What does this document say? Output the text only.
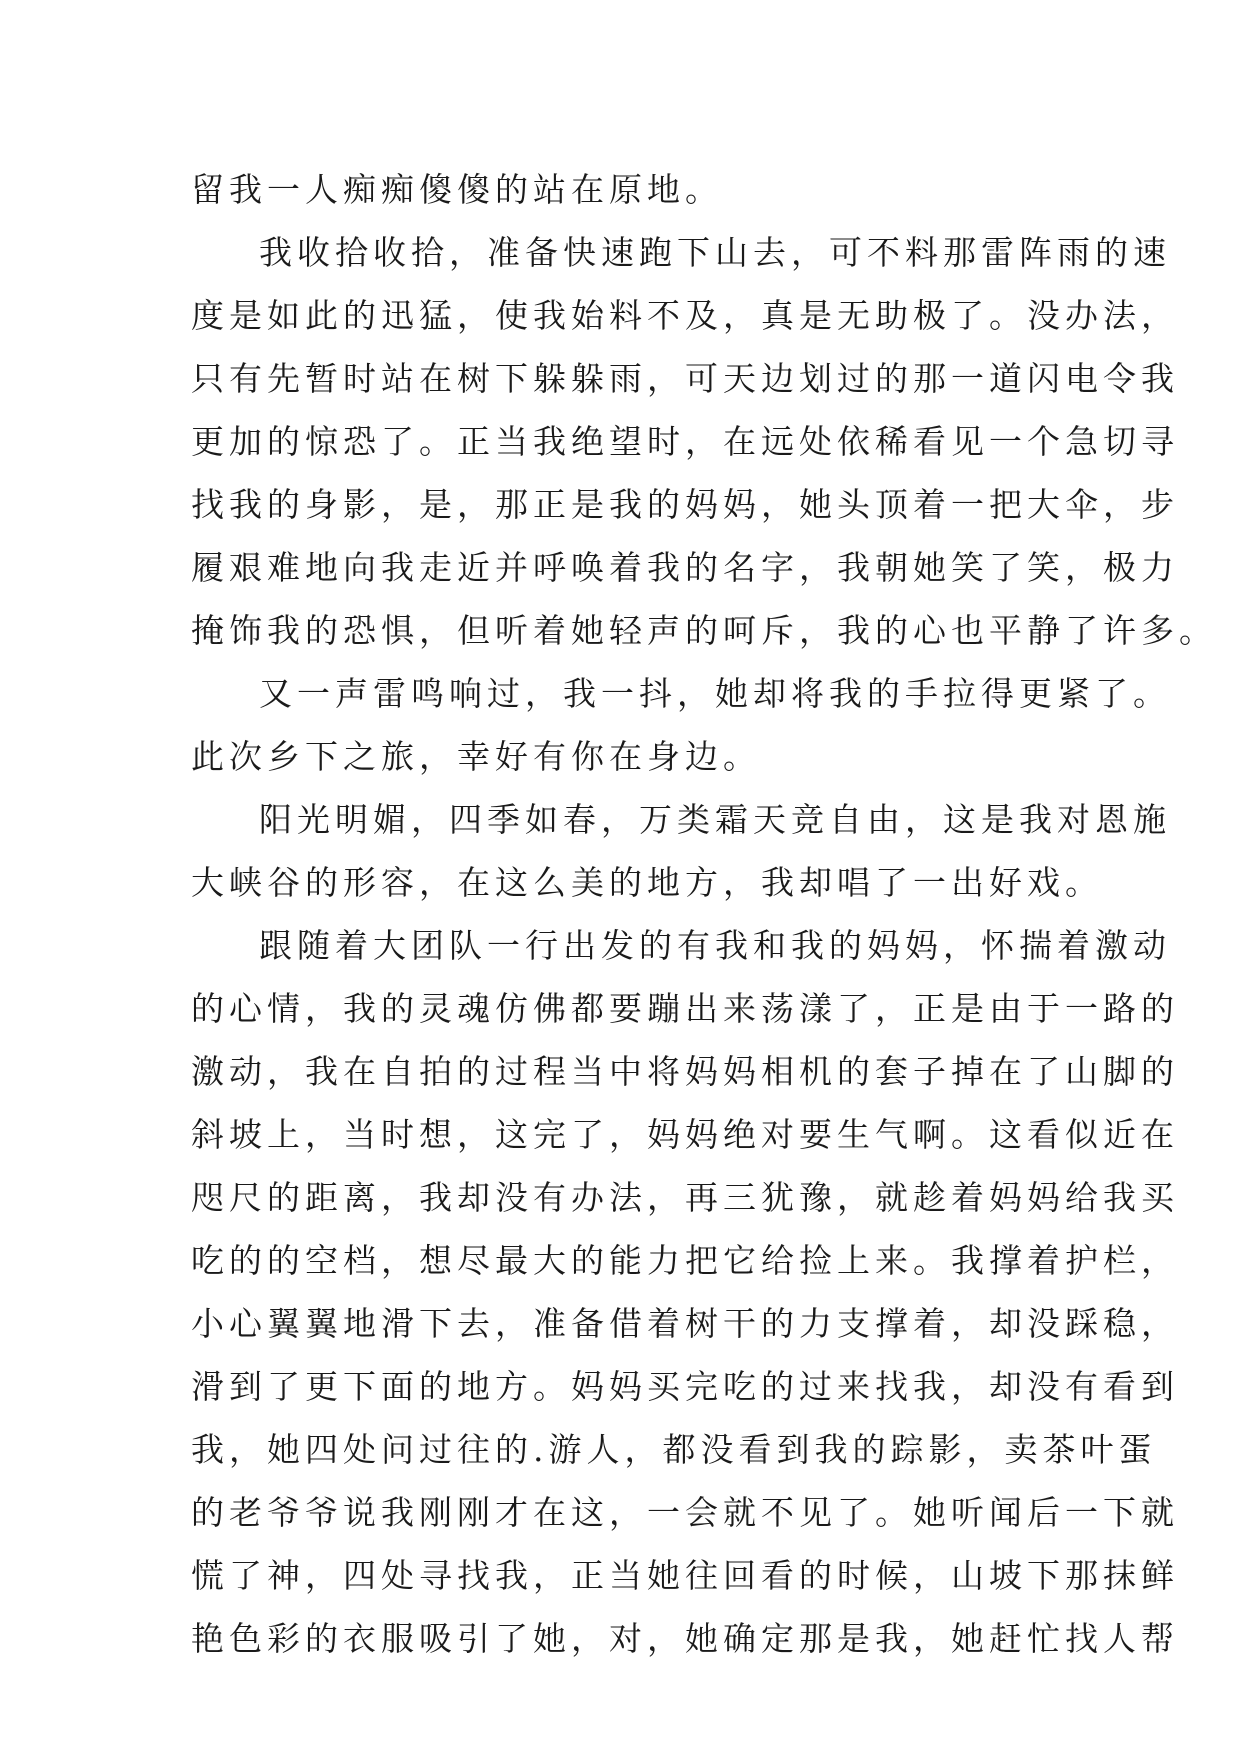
留我一人痴痴傻傻的站在原地。
我收拾收拾，准备快速跑下山去，可不料那雷阵雨的速
度是如此的迅猛，使我始料不及，真是无助极了。没办法，
只有先暂时站在树下躲躲雨，可天边划过的那一道闪电令我
更加的惊恐了。正当我绝望时，在远处依稀看见一个急切寻
找我的身影，是，那正是我的妈妈，她头顶着一把大伞，步
履艰难地向我走近并呼唤着我的名字，我朝她笑了笑，极力
掩饰我的恐惧，但听着她轻声的呵斥，我的心也平静了许多。
又一声雷鸣响过，我一抖，她却将我的手拉得更紧了。
此次乡下之旅，幸好有你在身边。
阳光明媚，四季如春，万类霜天竞自由，这是我对恩施
大峡谷的形容，在这么美的地方，我却唱了一出好戏。
跟随着大团队一行出发的有我和我的妈妈，怀揣着激动
的心情，我的灵魂仿佛都要蹦出来荡漾了，正是由于一路的
激动，我在自拍的过程当中将妈妈相机的套子掉在了山脚的
斜坡上，当时想，这完了，妈妈绝对要生气啊。这看似近在
咫尺的距离，我却没有办法，再三犹豫，就趁着妈妈给我买
吃的的空档，想尽最大的能力把它给捡上来。我撑着护栏，
小心翼翼地滑下去，准备借着树干的力支撑着，却没踩稳，
滑到了更下面的地方。妈妈买完吃的过来找我，却没有看到
我，她四处问过往的.游人，都没看到我的踪影，卖茶叶蛋
的老爷爷说我刚刚才在这，一会就不见了。她听闻后一下就
慌了神，四处寻找我，正当她往回看的时候，山坡下那抹鲜
艳色彩的衣服吸引了她，对，她确定那是我，她赶忙找人帮
